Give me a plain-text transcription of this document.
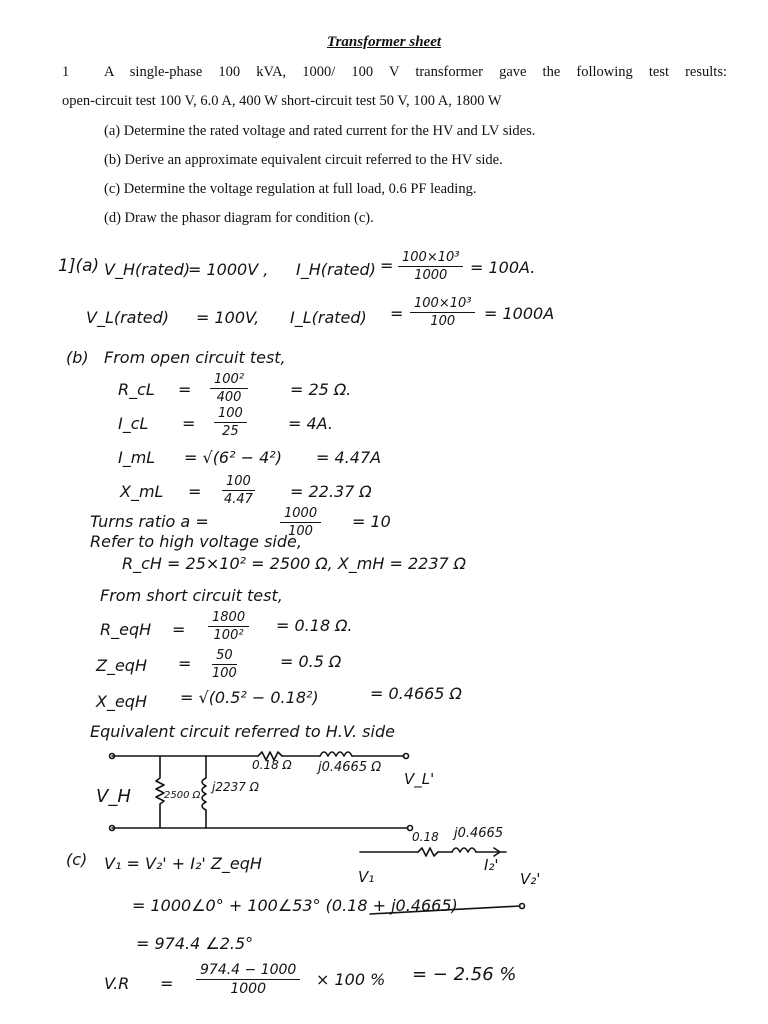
Transformer sheet
1 A single-phase 100 kVA, 1000/ 100 V transformer gave the following test results:
open-circuit test 100 V, 6.0 A, 400 W short-circuit test 50 V, 100 A, 1800 W
(a) Determine the rated voltage and rated current for the HV and LV sides.
(b) Derive an approximate equivalent circuit referred to the HV side.
(c) Determine the voltage regulation at full load, 0.6 PF leading.
(d) Draw the phasor diagram for condition (c).
1](a) V_H(rated)
= 1000V , I_H(rated) = $\frac{\text{100×10³}}{1000} = 100A$.
V_L(rated) = 100V, I_L(rated) = $\frac{\text{100×10³}}{100} = 1000A$
(b) From open circuit test,
R_cL = $\frac{\text{100²}}{400}$	= 25 Ω.
I_cL = $\frac{100}{25}$	= 4A.
I_mL = √(6² − 4²) = 4.47A
X_mL = $\frac{100}{4.47} = 22.37$ Ω
Turns ratio a =	$\frac{1000}{100} = 10$
Refer to high voltage side,
R_cH = 25×10² = 2500 Ω, X_mH = 2237 Ω
From short circuit test,
R_eqH = $\frac{1800}{\text{100²}} = 0.18$ Ω.
Z_eqH = $\frac{50}{100}$	= 0.5 Ω
X_eqH = √(0.5² − 0.18²)	= 0.4665 Ω
Equivalent circuit referred to H.V. side
0.18 Ω j0.4665 Ω
V_H
V_L'
2500 Ω
j2237 Ω
(c) V₁ = V₂' + I₂' Z_eqH
0.18 j0.4665
V₁
I₂'
V₂'
= 1000∠0° + 100∠53° (0.18 + j0.4665)
= 974.4 ∠2.5°
$V.R = \frac{974.4 - 1000}{1000} \times 100$ % = − 2.56 %
